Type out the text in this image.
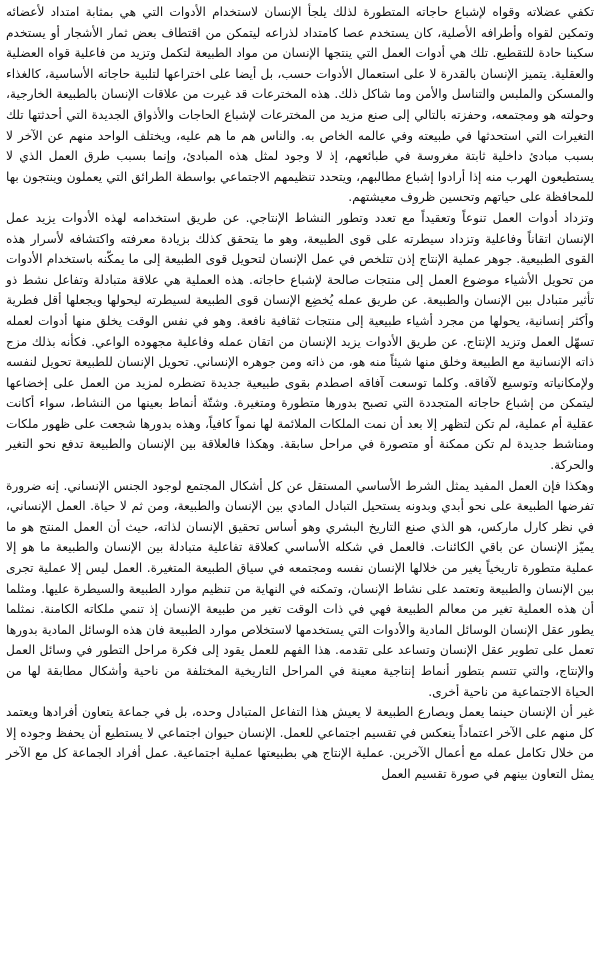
تكفي عضلاته وقواه لإشباع حاجاته المتطورة لذلك يلجأ الإنسان لاستخدام الأدوات التي هي بمثابة امتداد لأعضائه وتمكين لقواه وأطرافه الأصلية، كان يستخدم عصا كامتداد لذراعه ليتمكن من اقتطاف بعض ثمار الأشجار أو يستخدم سكينا حادة للتقطيع. تلك هي أدوات العمل التي ينتجها الإنسان من مواد الطبيعة لتكمل وتزيد من فاعلية قواه العضلية والعقلية. يتميز الإنسان بالقدرة لا على استعمال الأدوات حسب، بل أيضا على اختراعها لتلبية حاجاته الأساسية، كالغذاء والمسكن والملبس والتناسل والأمن وما شاكل ذلك. هذه المخترعات قد غيرت من علاقات الإنسان بالطبيعة الخارجية، وحولته هو ومجتمعه، وحفزته بالتالي إلى صنع مزيد من المخترعات لإشباع الحاجات والأذواق الجديدة التي أحدثتها تلك التغيرات التي استحدثها في طبيعته وفي عالمه الخاص به. والناس هم ما هم عليه، ويختلف الواحد منهم عن الآخر لا بسبب مبادئ داخلية ثابتة مغروسة في طبائعهم، إذ لا وجود لمثل هذه المبادئ، وإنما بسبب طرق العمل الذي لا يستطيعون الهرب منه إذا أرادوا إشباع مطالبهم، ويتحدد تنظيمهم الاجتماعي بواسطة الطرائق التي يعملون وينتجون بها للمحافظة على حياتهم وتحسين ظروف معيشتهم.

وتزداد أدوات العمل تنوعاً وتعقيداً مع تعدد وتطور النشاط الإنتاجي. عن طريق استخدامه لهذه الأدوات يزيد عمل الإنسان اتقاناً وفاعلية وتزداد سيطرته على قوى الطبيعة، وهو ما يتحقق كذلك بزيادة معرفته واكتشافه لأسرار هذه القوى الطبيعية. جوهر عملية الإنتاج إذن تتلخص في عمل الإنسان لتحويل قوى الطبيعة إلى ما يمكّنه باستخدام الأدوات من تحويل الأشياء موضوع العمل إلى منتجات صالحة لإشباع حاجاته. هذه العملية هي علاقة متبادلة وتفاعل نشط ذو تأثير متبادل بين الإنسان والطبيعة. عن طريق عمله يُخضِع الإنسان قوى الطبيعة لسيطرته ليحولها ويجعلها أقل فطرية وأكثر إنسانية، يحولها من مجرد أشياء طبيعية إلى منتجات ثقافية نافعة. وهو في نفس الوقت يخلق منها أدوات لعمله تسهّل العمل وتزيد الإنتاج. عن طريق الأدوات يزيد الإنسان من اتقان عمله وفاعلية مجهوده الواعي. فكأنه بذلك مزج ذاته الإنسانية مع الطبيعة وخلق منها شيئاً منه هو، من ذاته ومن جوهره الإنساني. تحويل الإنسان للطبيعة تحويل لنفسه ولإمكانياته وتوسيع لآفاقه. وكلما توسعت آفاقه اصطدم بقوى طبيعية جديدة تضطره لمزيد من العمل على إخضاعها ليتمكن من إشباع حاجاته المتجددة التي تصبح بدورها متطورة ومتغيرة. وشتّة أنماط بعينها من النشاط، سواء أكانت عقلية أم عملية، لم تكن لتظهر إلا بعد أن نمت الملكات الملائمة لها نمواً كافياً، وهذه بدورها شجعت على ظهور ملكات ومناشط جديدة لم تكن ممكنة أو متصورة في مراحل سابقة. وهكذا فالعلاقة بين الإنسان والطبيعة تدفع نحو التغير والحركة.

وهكذا فإن العمل المفيد يمثل الشرط الأساسي المستقل عن كل أشكال المجتمع لوجود الجنس الإنساني. إنه ضرورة تفرضها الطبيعة على نحو أبدي وبدونه يستحيل التبادل المادي بين الإنسان والطبيعة، ومن ثم لا حياة. العمل الإنساني، في نظر كارل ماركس، هو الذي صنع التاريخ البشري وهو أساس تحقيق الإنسان لذاته، حيث أن العمل المنتج هو ما يميّز الإنسان عن باقي الكائنات. فالعمل في شكله الأساسي كعلاقة تفاعلية متبادلة بين الإنسان والطبيعة ما هو إلا عملية متطورة تاريخياً يغير من خلالها الإنسان نفسه ومجتمعه في سياق الطبيعة المتغيرة. العمل ليس إلا عملية تجرى بين الإنسان والطبيعة وتعتمد على نشاط الإنسان، وتمكنه في النهاية من تنظيم موارد الطبيعة والسيطرة عليها. ومثلما أن هذه العملية تغير من معالم الطبيعة فهي في ذات الوقت تغير من طبيعة الإنسان إذ تنمي ملكاته الكامنة. نمثلما يطور عقل الإنسان الوسائل المادية والأدوات التي يستخدمها لاستخلاص موارد الطبيعة فان هذه الوسائل المادية بدورها تعمل على تطوير عقل الإنسان وتساعد على تقدمه. هذا الفهم للعمل يقود إلى فكرة مراحل التطور في وسائل العمل والإنتاج، والتي تتسم بتطور أنماط إنتاجية معينة في المراحل التاريخية المختلفة من ناحية وأشكال مطابقة لها من الحياة الاجتماعية من ناحية أخرى.

غير أن الإنسان حينما يعمل ويصارع الطبيعة لا يعيش هذا التفاعل المتبادل وحده، بل في جماعة يتعاون أفرادها ويعتمد كل منهم على الآخر اعتماداً ينعكس في تقسيم اجتماعي للعمل. الإنسان حيوان اجتماعي لا يستطيع أن يحفظ وجوده إلا من خلال تكامل عمله مع أعمال الآخرين. عملية الإنتاج هي بطبيعتها عملية اجتماعية. عمل أفراد الجماعة كل مع الآخر يمثل التعاون بينهم في صورة تقسيم العمل
